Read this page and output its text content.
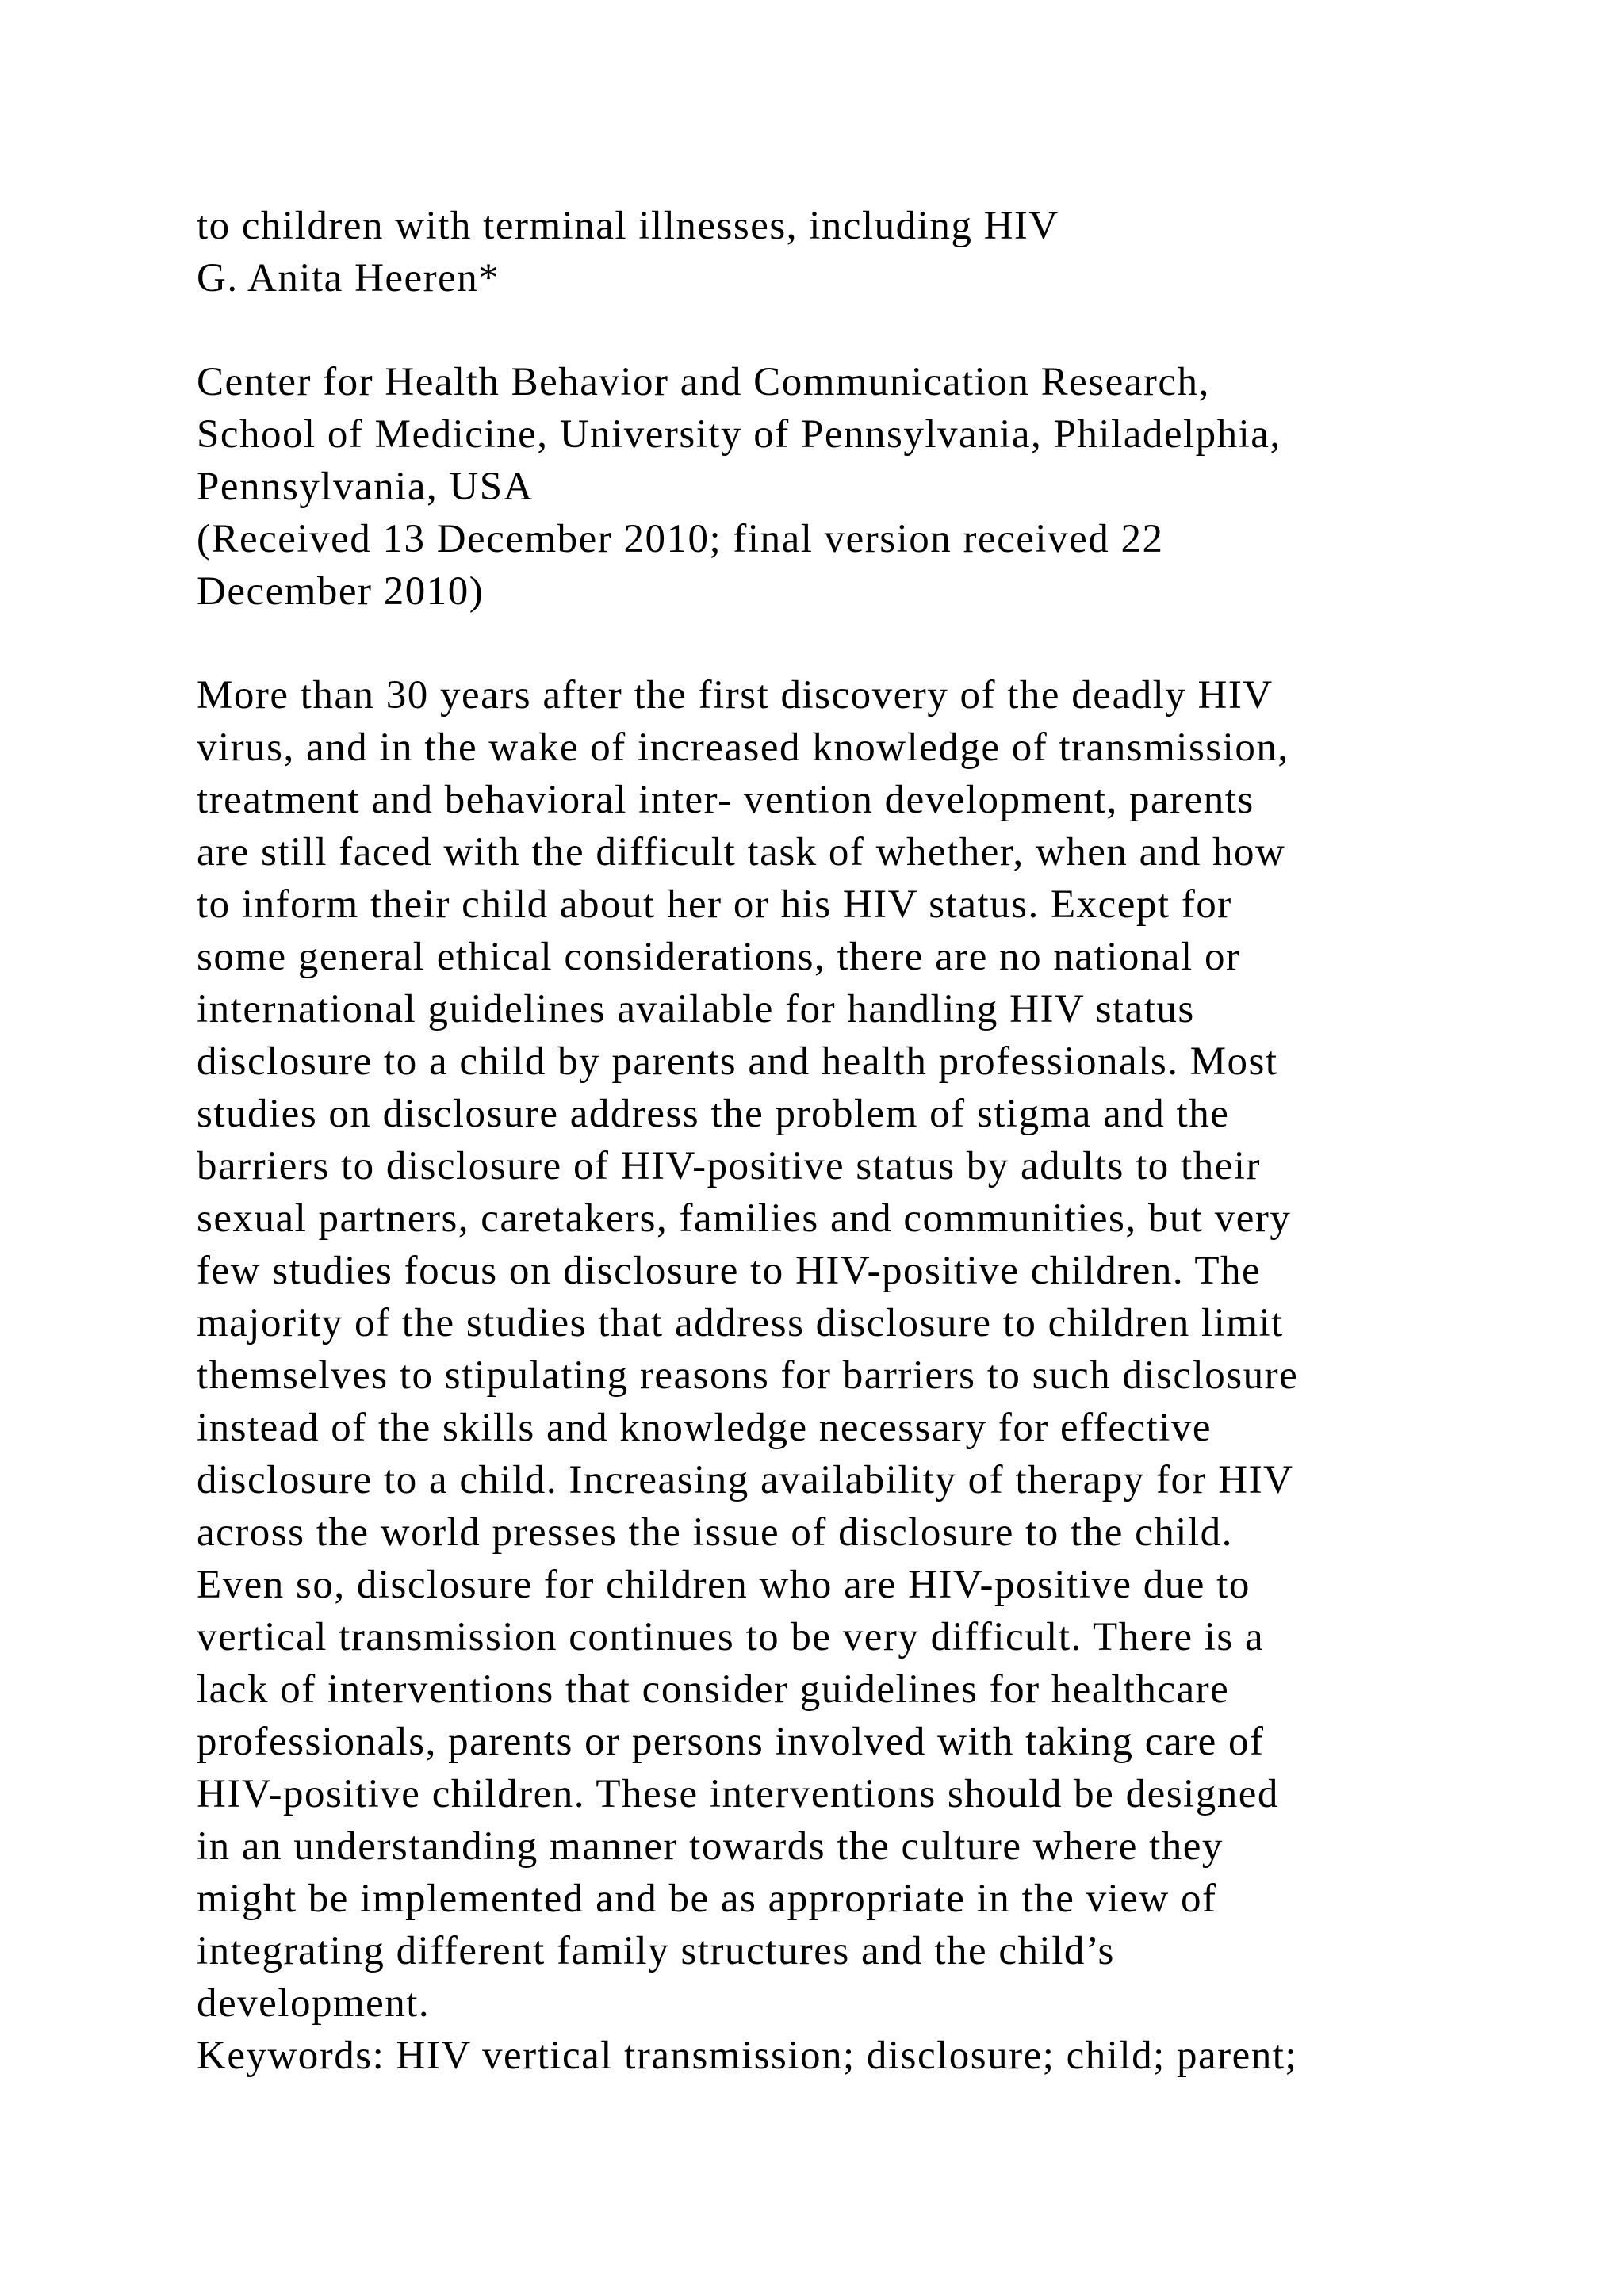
to children with terminal illnesses, including HIV
G. Anita Heeren*
Center for Health Behavior and Communication Research,
School of Medicine, University of Pennsylvania, Philadelphia,
Pennsylvania, USA
(Received 13 December 2010; final version received 22
December 2010)
More than 30 years after the first discovery of the deadly HIV
virus, and in the wake of increased knowledge of transmission,
treatment and behavioral inter- vention development, parents
are still faced with the difficult task of whether, when and how
to inform their child about her or his HIV status. Except for
some general ethical considerations, there are no national or
international guidelines available for handling HIV status
disclosure to a child by parents and health professionals. Most
studies on disclosure address the problem of stigma and the
barriers to disclosure of HIV-positive status by adults to their
sexual partners, caretakers, families and communities, but very
few studies focus on disclosure to HIV-positive children. The
majority of the studies that address disclosure to children limit
themselves to stipulating reasons for barriers to such disclosure
instead of the skills and knowledge necessary for effective
disclosure to a child. Increasing availability of therapy for HIV
across the world presses the issue of disclosure to the child.
Even so, disclosure for children who are HIV-positive due to
vertical transmission continues to be very difficult. There is a
lack of interventions that consider guidelines for healthcare
professionals, parents or persons involved with taking care of
HIV-positive children. These interventions should be designed
in an understanding manner towards the culture where they
might be implemented and be as appropriate in the view of
integrating different family structures and the child’s
development.
Keywords: HIV vertical transmission; disclosure; child; parent;
